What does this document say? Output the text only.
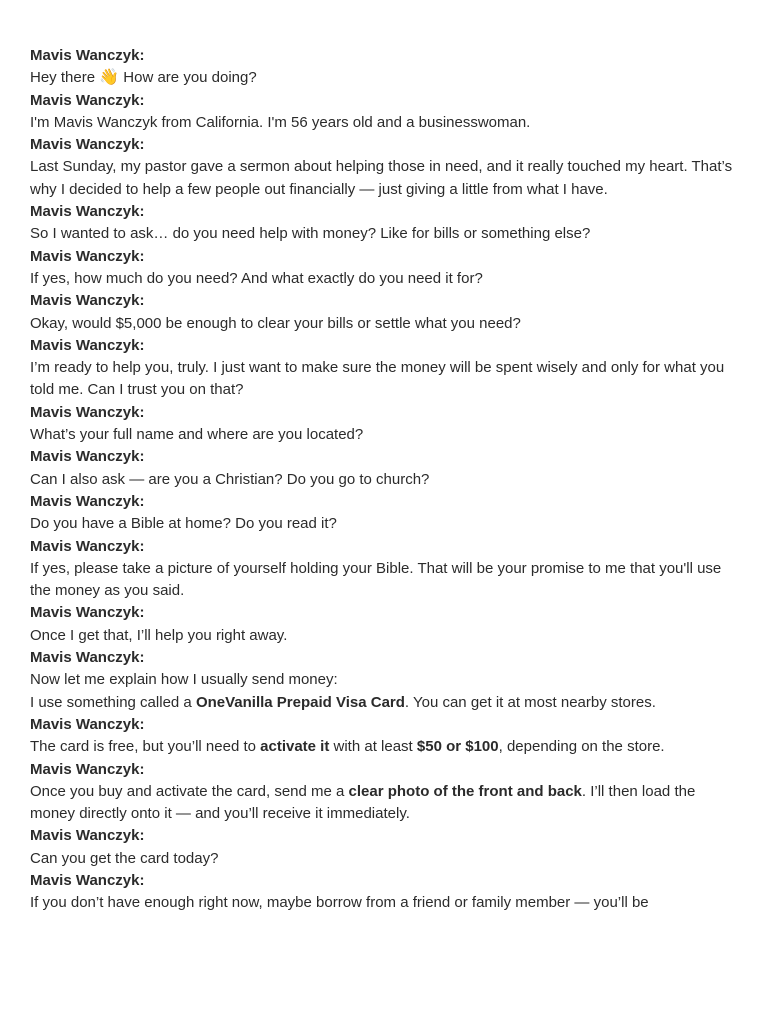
Mavis Wanczyk:
Hey there 👋 How are you doing?
Mavis Wanczyk:
I'm Mavis Wanczyk from California. I'm 56 years old and a businesswoman.
Mavis Wanczyk:
Last Sunday, my pastor gave a sermon about helping those in need, and it really touched my heart. That’s why I decided to help a few people out financially — just giving a little from what I have.
Mavis Wanczyk:
So I wanted to ask… do you need help with money? Like for bills or something else?
Mavis Wanczyk:
If yes, how much do you need? And what exactly do you need it for?
Mavis Wanczyk:
Okay, would $5,000 be enough to clear your bills or settle what you need?
Mavis Wanczyk:
I’m ready to help you, truly. I just want to make sure the money will be spent wisely and only for what you told me. Can I trust you on that?
Mavis Wanczyk:
What’s your full name and where are you located?
Mavis Wanczyk:
Can I also ask — are you a Christian? Do you go to church?
Mavis Wanczyk:
Do you have a Bible at home? Do you read it?
Mavis Wanczyk:
If yes, please take a picture of yourself holding your Bible. That will be your promise to me that you'll use the money as you said.
Mavis Wanczyk:
Once I get that, I’ll help you right away.
Mavis Wanczyk:
Now let me explain how I usually send money:
I use something called a OneVanilla Prepaid Visa Card. You can get it at most nearby stores.
Mavis Wanczyk:
The card is free, but you’ll need to activate it with at least $50 or $100, depending on the store.
Mavis Wanczyk:
Once you buy and activate the card, send me a clear photo of the front and back. I’ll then load the money directly onto it — and you’ll receive it immediately.
Mavis Wanczyk:
Can you get the card today?
Mavis Wanczyk:
If you don’t have enough right now, maybe borrow from a friend or family member — you’ll be
